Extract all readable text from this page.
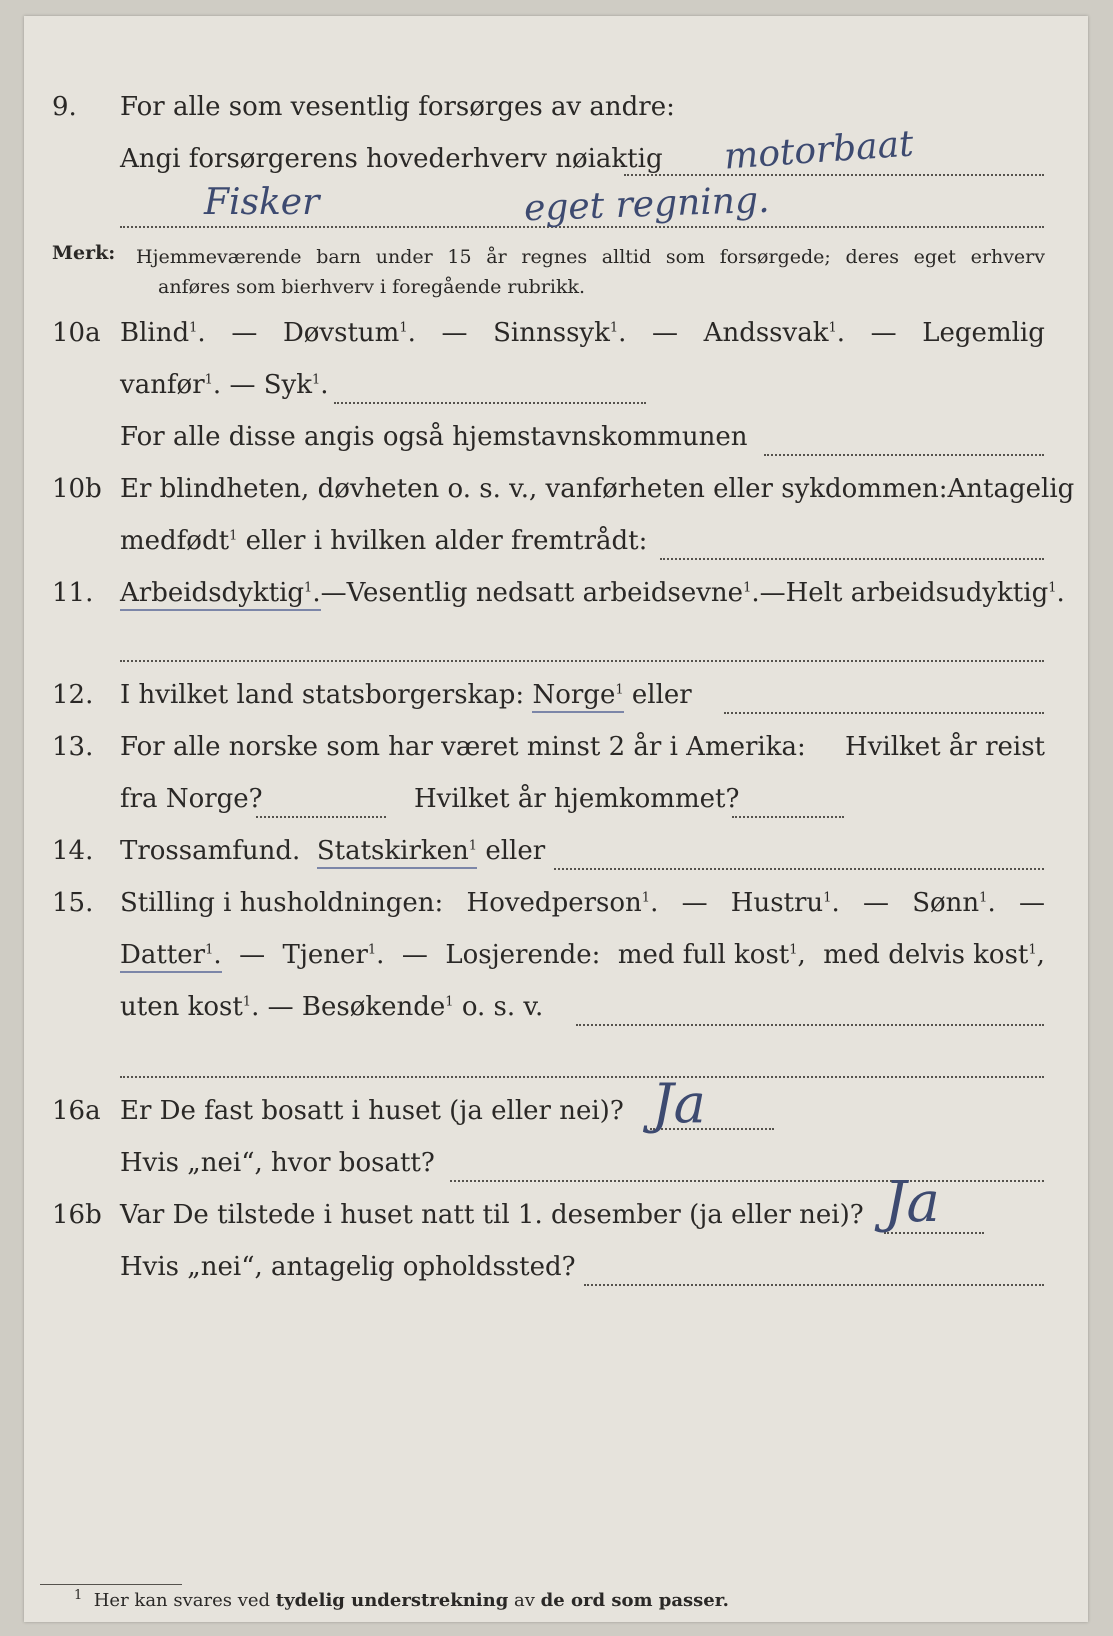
9. For alle som vesentlig forsørges av andre:
Angi forsørgerens hovederhverv nøiaktig motorbaat
Fisker	eget regning.
Merk: Hjemmeværende barn under 15 år regnes alltid som forsørgede; deres eget erhverv
anføres som bierhverv i foregående rubrikk.
10a Blind$^1$. — Døvstum$^1$. — Sinnssyk$^1$. — Andssvak$^1$. — Legemlig
vanfør$^1$. — Syk$^1$.
For alle disse angis også hjemstavnskommunen
10b Er blindheten, døvheten o. s. v., vanførheten eller sykdommen: Antagelig
medfødt$^1$ eller i hvilken alder fremtrådt:
11. Arbeidsdyktig$^1$. — Vesentlig nedsatt arbeidsevne$^1$. — Helt arbeidsudyktig$^1$.
12. I hvilket land statsborgerskap: Norge$^1$ eller
13. For alle norske som har været minst 2 år i Amerika: Hvilket år reist
fra Norge?	Hvilket år hjemkommet?
14. Trossamfund. Statskirken$^1$ eller
15. Stilling i husholdningen: Hovedperson$^1$. — Hustru$^1$. — Sønn$^1$. —
Datter$^1$. — Tjener$^1$. — Losjerende: med full kost$^1$, med delvis kost$^1$,
uten kost$^1$. — Besøkende$^1$ o. s. v.
16a Er De fast bosatt i huset (ja eller nei)? Ja
Hvis „nei“, hvor bosatt?
16b Var De tilstede i huset natt til 1. desember (ja eller nei)? Ja
Hvis „nei“, antagelig opholdssted?
$^1$ Her kan svares ved tydelig understrekning av de ord som passer.
